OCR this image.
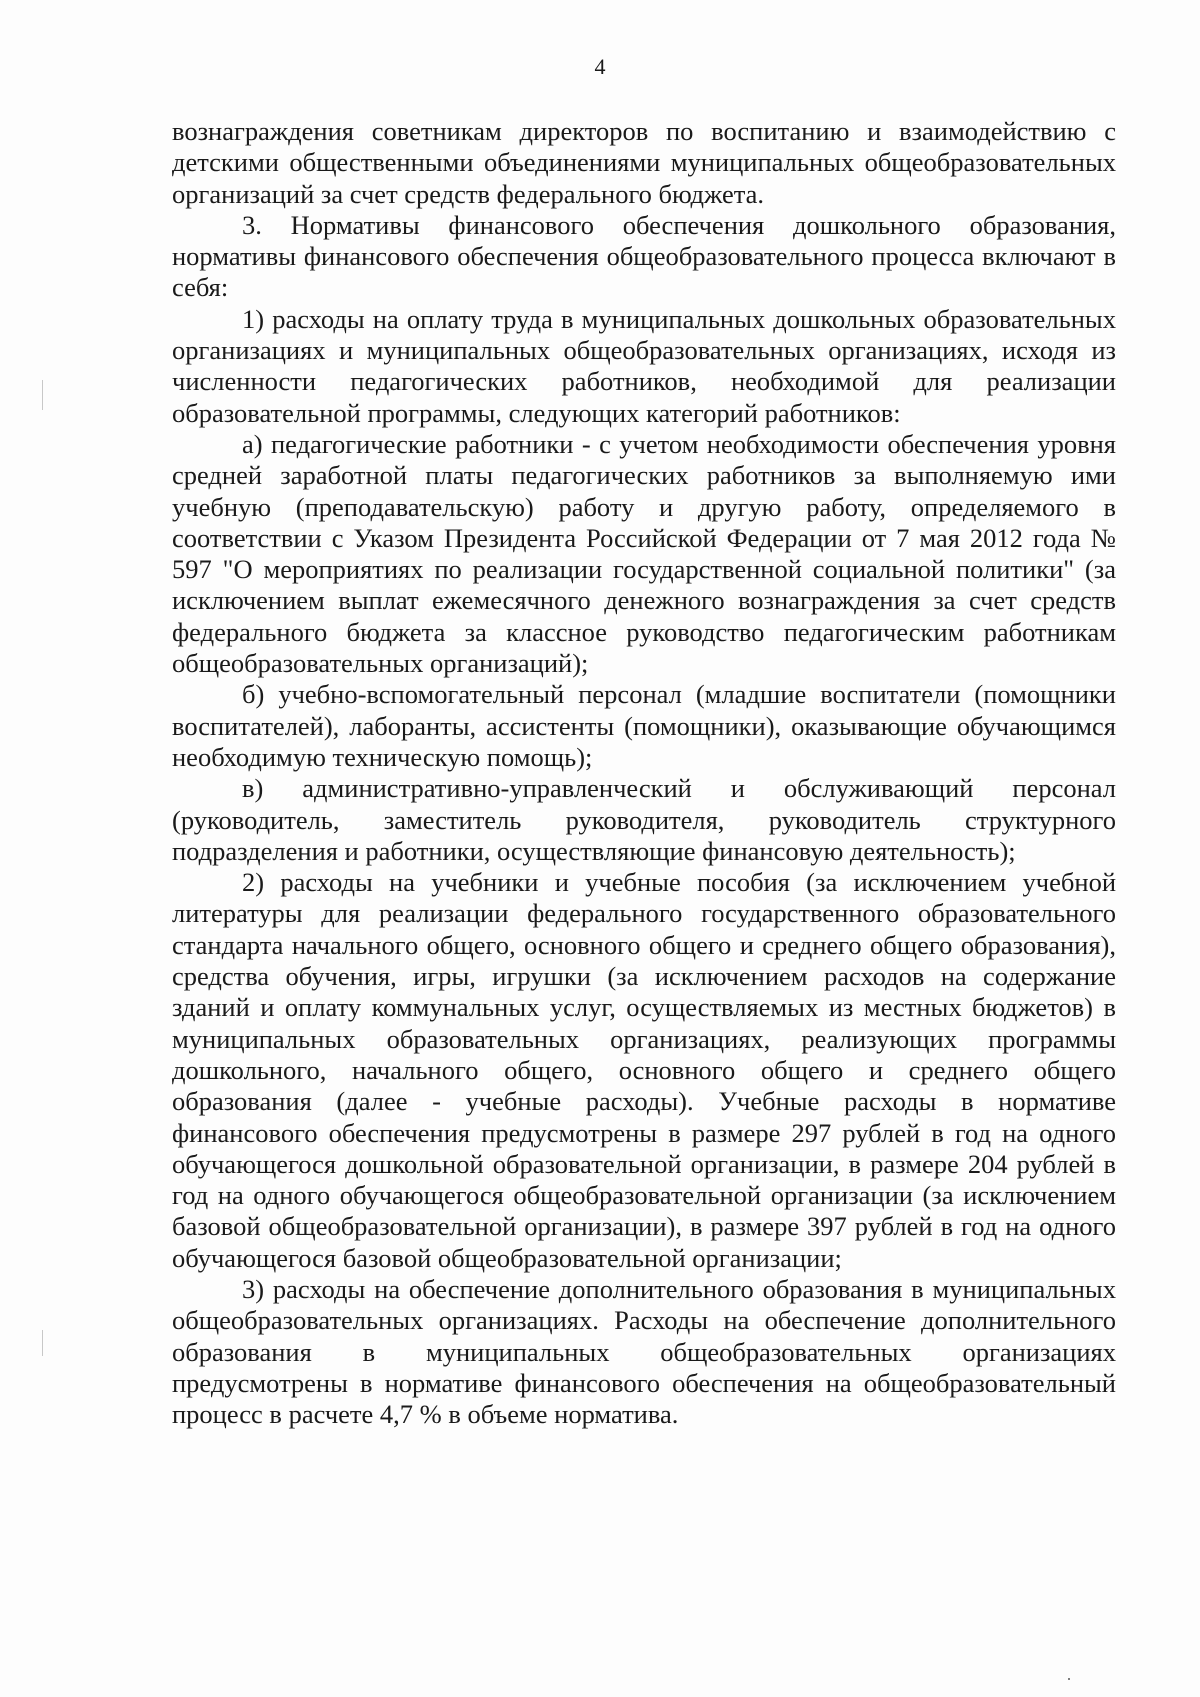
4

вознаграждения советникам директоров по воспитанию и взаимодействию с детскими общественными объединениями муниципальных общеобразовательных организаций за счет средств федерального бюджета.

3. Нормативы финансового обеспечения дошкольного образования, нормативы финансового обеспечения общеобразовательного процесса включают в себя:

1) расходы на оплату труда в муниципальных дошкольных образовательных организациях и муниципальных общеобразовательных организациях, исходя из численности педагогических работников, необходимой для реализации образовательной программы, следующих категорий работников:

а) педагогические работники - с учетом необходимости обеспечения уровня средней заработной платы педагогических работников за выполняемую ими учебную (преподавательскую) работу и другую работу, определяемого в соответствии с Указом Президента Российской Федерации от 7 мая 2012 года № 597 "О мероприятиях по реализации государственной социальной политики" (за исключением выплат ежемесячного денежного вознаграждения за счет средств федерального бюджета за классное руководство педагогическим работникам общеобразовательных организаций);

б) учебно-вспомогательный персонал (младшие воспитатели (помощники воспитателей), лаборанты, ассистенты (помощники), оказывающие обучающимся необходимую техническую помощь);

в) административно-управленческий и обслуживающий персонал (руководитель, заместитель руководителя, руководитель структурного подразделения и работники, осуществляющие финансовую деятельность);

2) расходы на учебники и учебные пособия (за исключением учебной литературы для реализации федерального государственного образовательного стандарта начального общего, основного общего и среднего общего образования), средства обучения, игры, игрушки (за исключением расходов на содержание зданий и оплату коммунальных услуг, осуществляемых из местных бюджетов) в муниципальных образовательных организациях, реализующих программы дошкольного, начального общего, основного общего и среднего общего образования (далее - учебные расходы). Учебные расходы в нормативе финансового обеспечения предусмотрены в размере 297 рублей в год на одного обучающегося дошкольной образовательной организации, в размере 204 рублей в год на одного обучающегося общеобразовательной организации (за исключением базовой общеобразовательной организации), в размере 397 рублей в год на одного обучающегося базовой общеобразовательной организации;

3) расходы на обеспечение дополнительного образования в муниципальных общеобразовательных организациях. Расходы на обеспечение дополнительного образования в муниципальных общеобразовательных организациях предусмотрены в нормативе финансового обеспечения на общеобразовательный процесс в расчете 4,7 % в объеме норматива.
